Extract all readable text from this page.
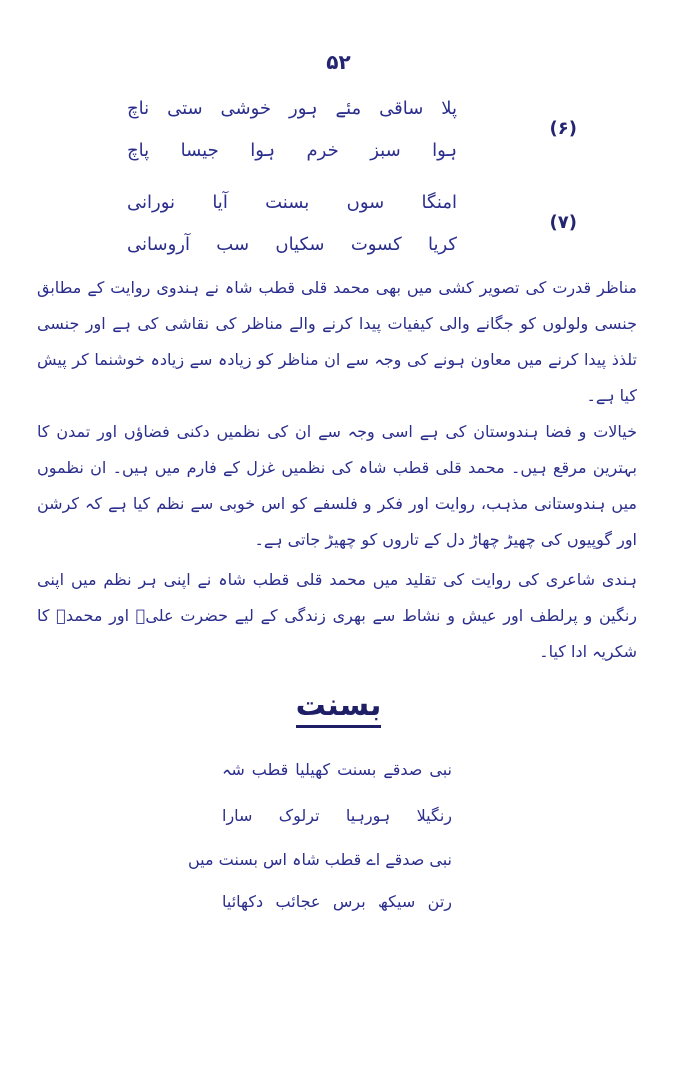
۵۲
(۶)
پلا ساقی مئے ہور خوشی ستی ناچ
ہوا سبز خرم ہوا جیسا پاچ
(۷)
امنگا سوں بسنت آیا نورانی
کریا کسوت سکیاں سب آروسانی
مناظر قدرت کی تصویر کشی میں بھی محمد قلی قطب شاہ نے ہندوی روایت کے مطابق جنسی ولولوں کو جگانے والی کیفیات پیدا کرنے والے مناظر کی نقاشی کی ہے اور جنسی تلذذ پیدا کرنے میں معاون ہونے کی وجہ سے ان مناظر کو زیادہ سے زیادہ خوشنما کر پیش کیا ہے۔
خیالات و فضا ہندوستان کی ہے اسی وجہ سے ان کی نظمیں دکنی فضاؤں اور تمدن کا بہترین مرقع ہیں۔ محمد قلی قطب شاہ کی نظمیں غزل کے فارم میں ہیں۔ ان نظموں میں ہندوستانی مذہب، روایت اور فکر و فلسفے کو اس خوبی سے نظم کیا ہے کہ کرشن اور گوپیوں کی چھیڑ چھاڑ دل کے تاروں کو چھیڑ جاتی ہے۔
ہندی شاعری کی روایت کی تقلید میں محمد قلی قطب شاہ نے اپنی ہر نظم میں اپنی رنگین و پرلطف اور عیش و نشاط سے بھری زندگی کے لیے حضرت علیؓ اور محمدؐ کا شکریہ ادا کیا۔
بسنت
نبی صدقے بسنت کھیلیا قطب شہ
رنگیلا ہورہیا ترلوک سارا
نبی صدقے اے قطب شاہ اس بسنت میں
رتن سیکھ برس عجائب دکھائیا
